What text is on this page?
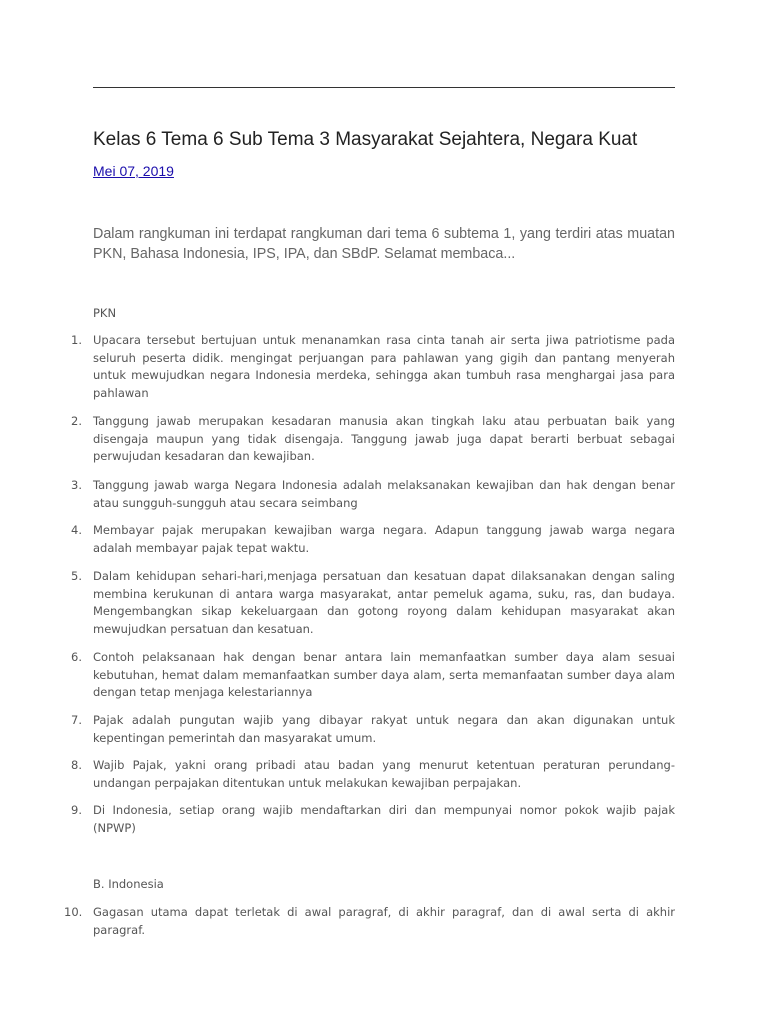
Kelas 6 Tema 6 Sub Tema 3 Masyarakat Sejahtera, Negara Kuat
Mei 07, 2019

Dalam rangkuman ini terdapat rangkuman dari tema 6 subtema 1, yang terdiri atas muatan PKN, Bahasa Indonesia, IPS, IPA, dan SBdP. Selamat membaca...

PKN
1. Upacara tersebut bertujuan untuk menanamkan rasa cinta tanah air serta jiwa patriotisme pada seluruh peserta didik. mengingat perjuangan para pahlawan yang gigih dan pantang menyerah untuk mewujudkan negara Indonesia merdeka, sehingga akan tumbuh rasa menghargai jasa para pahlawan
2. Tanggung jawab merupakan kesadaran manusia akan tingkah laku atau perbuatan baik yang disengaja maupun yang tidak disengaja. Tanggung jawab juga dapat berarti berbuat sebagai perwujudan kesadaran dan kewajiban.
3. Tanggung jawab warga Negara Indonesia adalah melaksanakan kewajiban dan hak dengan benar atau sungguh-sungguh atau secara seimbang
4. Membayar pajak merupakan kewajiban warga negara. Adapun tanggung jawab warga negara adalah membayar pajak tepat waktu.
5. Dalam kehidupan sehari-hari,menjaga persatuan dan kesatuan dapat dilaksanakan dengan saling membina kerukunan di antara warga masyarakat, antar pemeluk agama, suku, ras, dan budaya. Mengembangkan sikap kekeluargaan dan gotong royong dalam kehidupan masyarakat akan mewujudkan persatuan dan kesatuan.
6. Contoh pelaksanaan hak dengan benar antara lain memanfaatkan sumber daya alam sesuai kebutuhan, hemat dalam memanfaatkan sumber daya alam, serta memanfaatan sumber daya alam dengan tetap menjaga kelestariannya
7. Pajak adalah pungutan wajib yang dibayar rakyat untuk negara dan akan digunakan untuk kepentingan pemerintah dan masyarakat umum.
8. Wajib Pajak, yakni orang pribadi atau badan yang menurut ketentuan peraturan perundang-undangan perpajakan ditentukan untuk melakukan kewajiban perpajakan.
9. Di Indonesia, setiap orang wajib mendaftarkan diri dan mempunyai nomor pokok wajib pajak (NPWP)
B. Indonesia
10. Gagasan utama dapat terletak di awal paragraf, di akhir paragraf, dan di awal serta di akhir paragraf.
